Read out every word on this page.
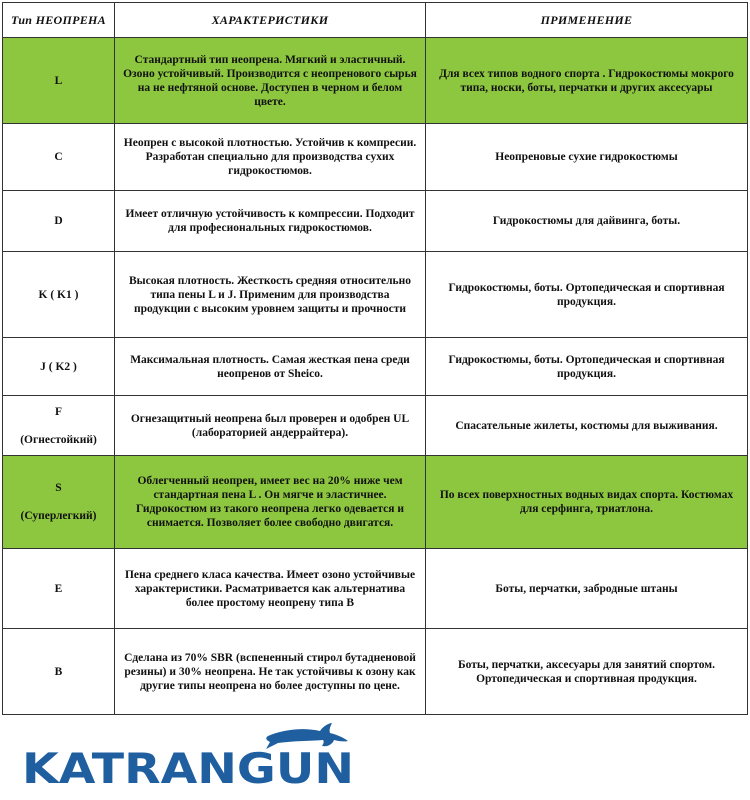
Тип НЕОПРЕНА	ХАРАКТЕРИСТИКИ	ПРИМЕНЕНИЕ
L	Стандартный тип неопрена. Мягкий и эластичный. Озоно устойчивый. Производится с неопренового сырья на не нефтяной основе. Доступен в черном и белом цвете.	Для всех типов водного спорта . Гидрокостюмы мокрого типа, носки, боты, перчатки и других аксесуары
C	Неопрен с высокой плотностью. Устойчив к компресии. Разработан специально для производства сухих гидрокостюмов.	Неопреновые сухие гидрокостюмы
D	Имеет отличную устойчивость к компрессии. Подходит для професиональных гидрокостюмов.	Гидрокостюмы для дайвинга, боты.
K ( K1 )	Высокая плотность. Жесткость средняя относительно типа пены L и J. Применим для производства продукции с высоким уровнем защиты и прочности	Гидрокостюмы, боты. Ортопедическая и спортивная продукция.
J ( K2 )	Максимальная плотность. Самая жесткая пена среди неопренов от Sheico.	Гидрокостюмы, боты. Ортопедическая и спортивная продукция.
F
(Огнестойкий)	Огнезащитный неопрена был проверен и одобрен UL (лабораторией андеррайтера).	Спасательные жилеты, костюмы для выживания.
S
(Суперлегкий)	Облегченный неопрен, имеет вес на 20% ниже чем стандартная пена L . Он мягче и эластичнее. Гидрокостюм из такого неопрена легко одевается и снимается. Позволяет более свободно двигатся.	По всех поверхностных водных видах спорта. Костюмах для серфинга, триатлона.
E	Пена среднего класа качества. Имеет озоно устойчивые характеристики. Расматривается как альтернатива более простому неопрену типа B	Боты, перчатки, забродные штаны
B	Сделана из 70% SBR (вспененный стирол бутадненовой резины) и 30% неопрена. Не так устойчивы к озону как другие типы неопрена но более доступны по цене.	Боты, перчатки, аксесуары для занятий спортом. Ортопедическая и спортивная продукция.
KATRANGUN
